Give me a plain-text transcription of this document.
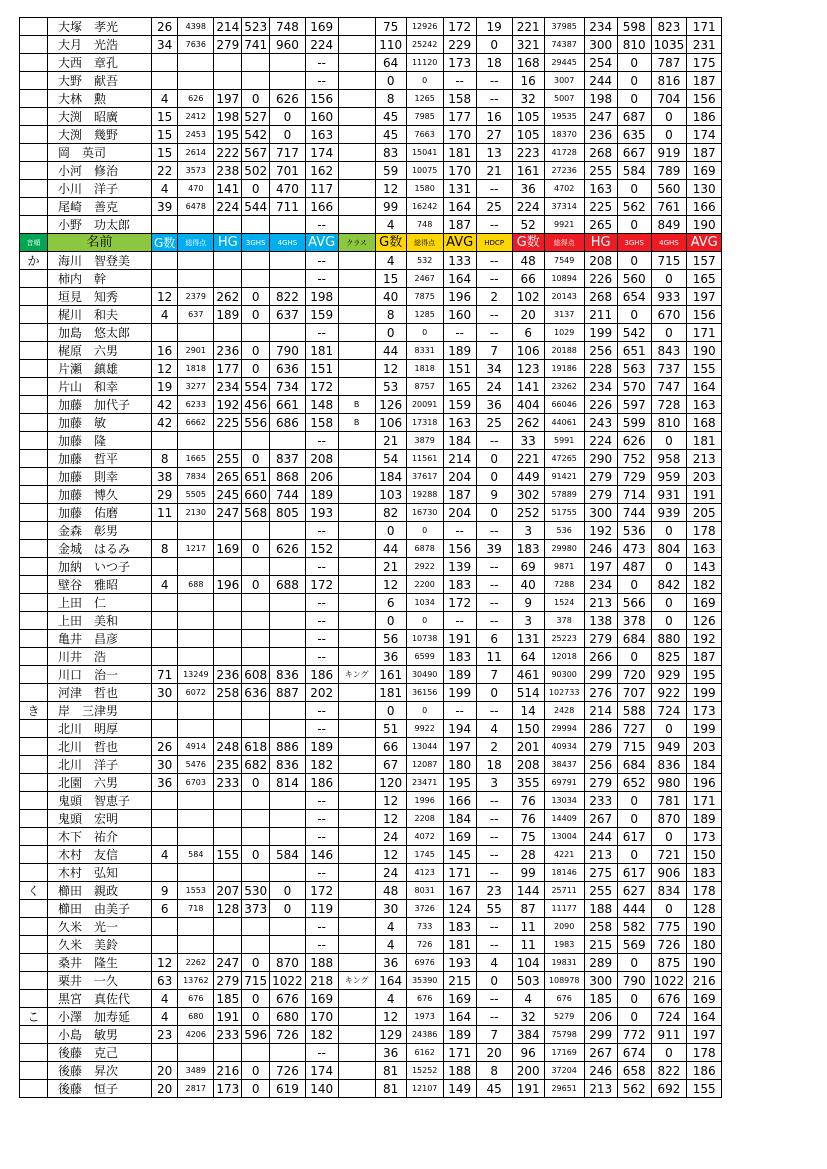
	大塚　孝光	26	4398	214	523	748	169		75	12926	172	19	221	37985	234	598	823	171
	大月　光浩	34	7636	279	741	960	224		110	25242	229	0	321	74387	300	810	1035	231
	大西　章孔						--		64	11120	173	18	168	29445	254	0	787	175
	大野　献吾						--		0	0	--	--	16	3007	244	0	816	187
	大林　勲	4	626	197	0	626	156		8	1265	158	--	32	5007	198	0	704	156
	大渕　昭廣	15	2412	198	527	0	160		45	7985	177	16	105	19535	247	687	0	186
	大渕　幾野	15	2453	195	542	0	163		45	7663	170	27	105	18370	236	635	0	174
	岡　英司	15	2614	222	567	717	174		83	15041	181	13	223	41728	268	667	919	187
	小河　修治	22	3573	238	502	701	162		59	10075	170	21	161	27236	255	584	789	169
	小川　洋子	4	470	141	0	470	117		12	1580	131	--	36	4702	163	0	560	130
	尾崎　善克	39	6478	224	544	711	166		99	16242	164	25	224	37314	225	562	761	166
	小野　功太郎						--		4	748	187	--	52	9921	265	0	849	190
音順	名前	G数	総得点	HG	3GHS	4GHS	AVG	クラス	G数	総得点	AVG	HDCP	G数	総得点	HG	3GHS	4GHS	AVG
か	海川　智登美						--		4	532	133	--	48	7549	208	0	715	157
	柿内　幹						--		15	2467	164	--	66	10894	226	560	0	165
	垣見　知秀	12	2379	262	0	822	198		40	7875	196	2	102	20143	268	654	933	197
	梶川　和夫	4	637	189	0	637	159		8	1285	160	--	20	3137	211	0	670	156
	加島　悠太郎						--		0	0	--	--	6	1029	199	542	0	171
	梶原　六男	16	2901	236	0	790	181		44	8331	189	7	106	20188	256	651	843	190
	片瀬　鎮雄	12	1818	177	0	636	151		12	1818	151	34	123	19186	228	563	737	155
	片山　和幸	19	3277	234	554	734	172		53	8757	165	24	141	23262	234	570	747	164
	加藤　加代子	42	6233	192	456	661	148	B	126	20091	159	36	404	66046	226	597	728	163
	加藤　敏	42	6662	225	556	686	158	B	106	17318	163	25	262	44061	243	599	810	168
	加藤　隆						--		21	3879	184	--	33	5991	224	626	0	181
	加藤　哲平	8	1665	255	0	837	208		54	11561	214	0	221	47265	290	752	958	213
	加藤　則幸	38	7834	265	651	868	206		184	37617	204	0	449	91421	279	729	959	203
	加藤　博久	29	5505	245	660	744	189		103	19288	187	9	302	57889	279	714	931	191
	加藤　佑磨	11	2130	247	568	805	193		82	16730	204	0	252	51755	300	744	939	205
	金森　彰男						--		0	0	--	--	3	536	192	536	0	178
	金城　はるみ	8	1217	169	0	626	152		44	6878	156	39	183	29980	246	473	804	163
	加納　いつ子						--		21	2922	139	--	69	9871	197	487	0	143
	壁谷　雅昭	4	688	196	0	688	172		12	2200	183	--	40	7288	234	0	842	182
	上田　仁						--		6	1034	172	--	9	1524	213	566	0	169
	上田　美和						--		0	0	--	--	3	378	138	378	0	126
	亀井　昌彦						--		56	10738	191	6	131	25223	279	684	880	192
	川井　浩						--		36	6599	183	11	64	12018	266	0	825	187
	川口　治一	71	13249	236	608	836	186	キング	161	30490	189	7	461	90300	299	720	929	195
	河津　哲也	30	6072	258	636	887	202		181	36156	199	0	514	102733	276	707	922	199
き	岸　三津男						--		0	0	--	--	14	2428	214	588	724	173
	北川　明厚						--		51	9922	194	4	150	29994	286	727	0	199
	北川　哲也	26	4914	248	618	886	189		66	13044	197	2	201	40934	279	715	949	203
	北川　洋子	30	5476	235	682	836	182		67	12087	180	18	208	38437	256	684	836	184
	北園　六男	36	6703	233	0	814	186		120	23471	195	3	355	69791	279	652	980	196
	鬼頭　智恵子						--		12	1996	166	--	76	13034	233	0	781	171
	鬼頭　宏明						--		12	2208	184	--	76	14409	267	0	870	189
	木下　祐介						--		24	4072	169	--	75	13004	244	617	0	173
	木村　友信	4	584	155	0	584	146		12	1745	145	--	28	4221	213	0	721	150
	木村　弘知						--		24	4123	171	--	99	18146	275	617	906	183
く	櫛田　親政	9	1553	207	530	0	172		48	8031	167	23	144	25711	255	627	834	178
	櫛田　由美子	6	718	128	373	0	119		30	3726	124	55	87	11177	188	444	0	128
	久米　光一						--		4	733	183	--	11	2090	258	582	775	190
	久米　美鈴						--		4	726	181	--	11	1983	215	569	726	180
	桑井　隆生	12	2262	247	0	870	188		36	6976	193	4	104	19831	289	0	875	190
	栗井　一久	63	13762	279	715	1022	218	キング	164	35390	215	0	503	108978	300	790	1022	216
	黒宮　真佐代	4	676	185	0	676	169		4	676	169	--	4	676	185	0	676	169
こ	小澤　加寿延	4	680	191	0	680	170		12	1973	164	--	32	5279	206	0	724	164
	小島　敏男	23	4206	233	596	726	182		129	24386	189	7	384	75798	299	772	911	197
	後藤　克己						--		36	6162	171	20	96	17169	267	674	0	178
	後藤　昇次	20	3489	216	0	726	174		81	15252	188	8	200	37204	246	658	822	186
	後藤　恒子	20	2817	173	0	619	140		81	12107	149	45	191	29651	213	562	692	155
